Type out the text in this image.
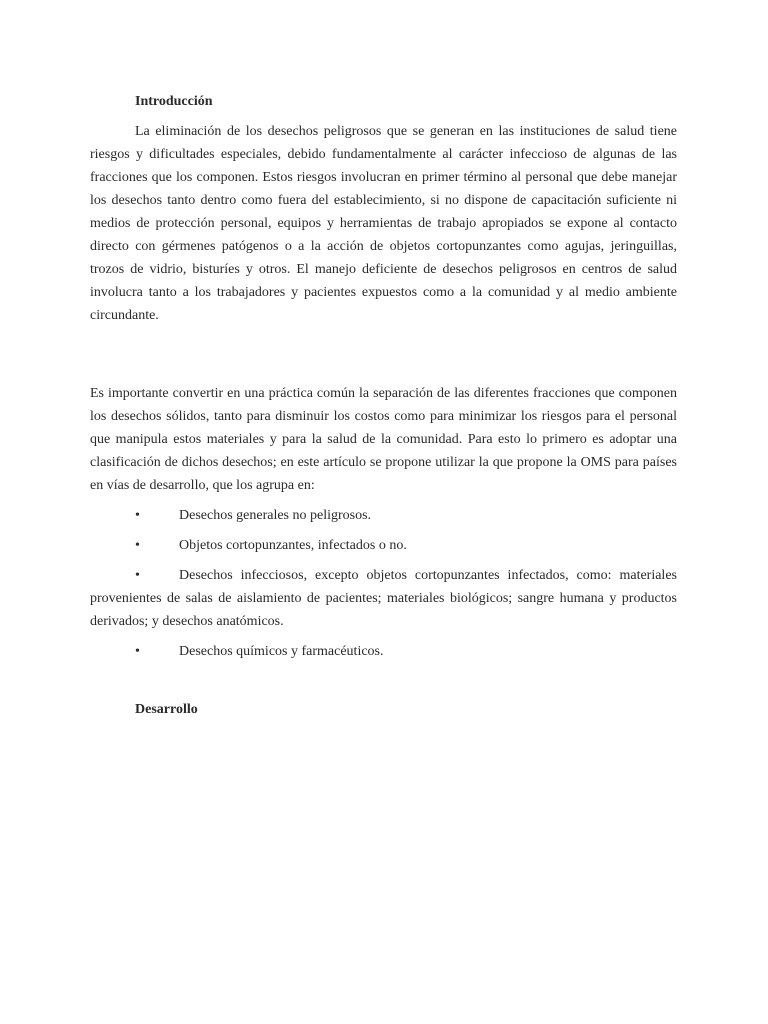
Introducción

La eliminación de los desechos peligrosos que se generan en las instituciones de salud tiene riesgos y dificultades especiales, debido fundamentalmente al carácter infeccioso de algunas de las fracciones que los componen. Estos riesgos involucran en primer término al personal que debe manejar los desechos tanto dentro como fuera del establecimiento, si no dispone de capacitación suficiente ni medios de protección personal, equipos y herramientas de trabajo apropiados se expone al contacto directo con gérmenes patógenos o a la acción de objetos cortopunzantes como agujas, jeringuillas, trozos de vidrio, bisturíes y otros. El manejo deficiente de desechos peligrosos en centros de salud involucra tanto a los trabajadores y pacientes expuestos como a la comunidad y al medio ambiente circundante.

Es importante convertir en una práctica común la separación de las diferentes fracciones que componen los desechos sólidos, tanto para disminuir los costos como para minimizar los riesgos para el personal que manipula estos materiales y para la salud de la comunidad. Para esto lo primero es adoptar una clasificación de dichos desechos; en este artículo se propone utilizar la que propone la OMS para países en vías de desarrollo, que los agrupa en:

•	Desechos generales no peligrosos.
•	Objetos cortopunzantes, infectados o no.
•	Desechos infecciosos, excepto objetos cortopunzantes infectados, como: materiales provenientes de salas de aislamiento de pacientes; materiales biológicos; sangre humana y productos derivados; y desechos anatómicos.
•	Desechos químicos y farmacéuticos.
Desarrollo
